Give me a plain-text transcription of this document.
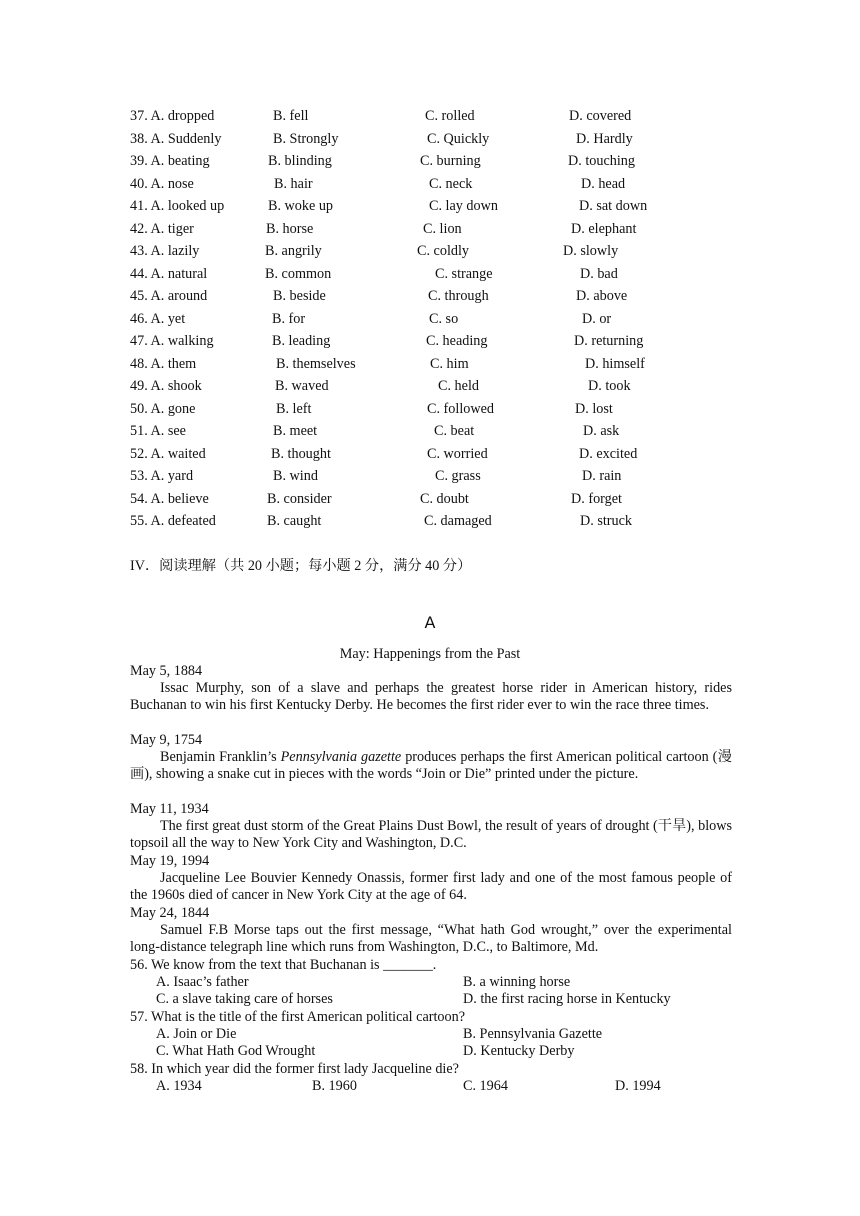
37. A. dropped	B. fell	C. rolled	D. covered
38. A. Suddenly	B. Strongly	C. Quickly	D. Hardly
39. A. beating	B. blinding	C. burning	D. touching
40. A. nose	B. hair	C. neck	D. head
41. A. looked up	B. woke up	C. lay down	D. sat down
42. A. tiger	B. horse	C. lion	D. elephant
43. A. lazily	B. angrily	C. coldly	D. slowly
44. A. natural	B. common	C. strange	D. bad
45. A. around	B. beside	C. through	D. above
46. A. yet	B. for	C. so	D. or
47. A. walking	B. leading	C. heading	D. returning
48. A. them	B. themselves	C. him	D. himself
49. A. shook	B. waved	C. held	D. took
50. A. gone	B. left	C. followed	D. lost
51. A. see	B. meet	C. beat	D. ask
52. A. waited	B. thought	C. worried	D. excited
53. A. yard	B. wind	C. grass	D. rain
54. A. believe	B. consider	C. doubt	D. forget
55. A. defeated	B. caught	C. damaged	D. struck
IV．阅读理解（共 20 小题；每小题 2 分，满分 40 分）
A
May: Happenings from the Past
May 5, 1884
Issac Murphy, son of a slave and perhaps the greatest horse rider in American history, rides Buchanan to win his first Kentucky Derby. He becomes the first rider ever to win the race three times.
May 9, 1754
Benjamin Franklin’s Pennsylvania gazette produces perhaps the first American political cartoon (漫画), showing a snake cut in pieces with the words “Join or Die” printed under the picture.
May 11, 1934
The first great dust storm of the Great Plains Dust Bowl, the result of years of drought (干旱), blows topsoil all the way to New York City and Washington, D.C.
May 19, 1994
Jacqueline Lee Bouvier Kennedy Onassis, former first lady and one of the most famous people of the 1960s died of cancer in New York City at the age of 64.
May 24, 1844
Samuel F.B Morse taps out the first message, “What hath God wrought,” over the experimental long-distance telegraph line which runs from Washington, D.C., to Baltimore, Md.
56. We know from the text that Buchanan is _______.
A. Isaac’s father	B. a winning horse
C. a slave taking care of horses	D. the first racing horse in Kentucky
57. What is the title of the first American political cartoon?
A. Join or Die	B. Pennsylvania Gazette
C. What Hath God Wrought	D. Kentucky Derby
58. In which year did the former first lady Jacqueline die?
A. 1934	B. 1960	C. 1964	D. 1994
